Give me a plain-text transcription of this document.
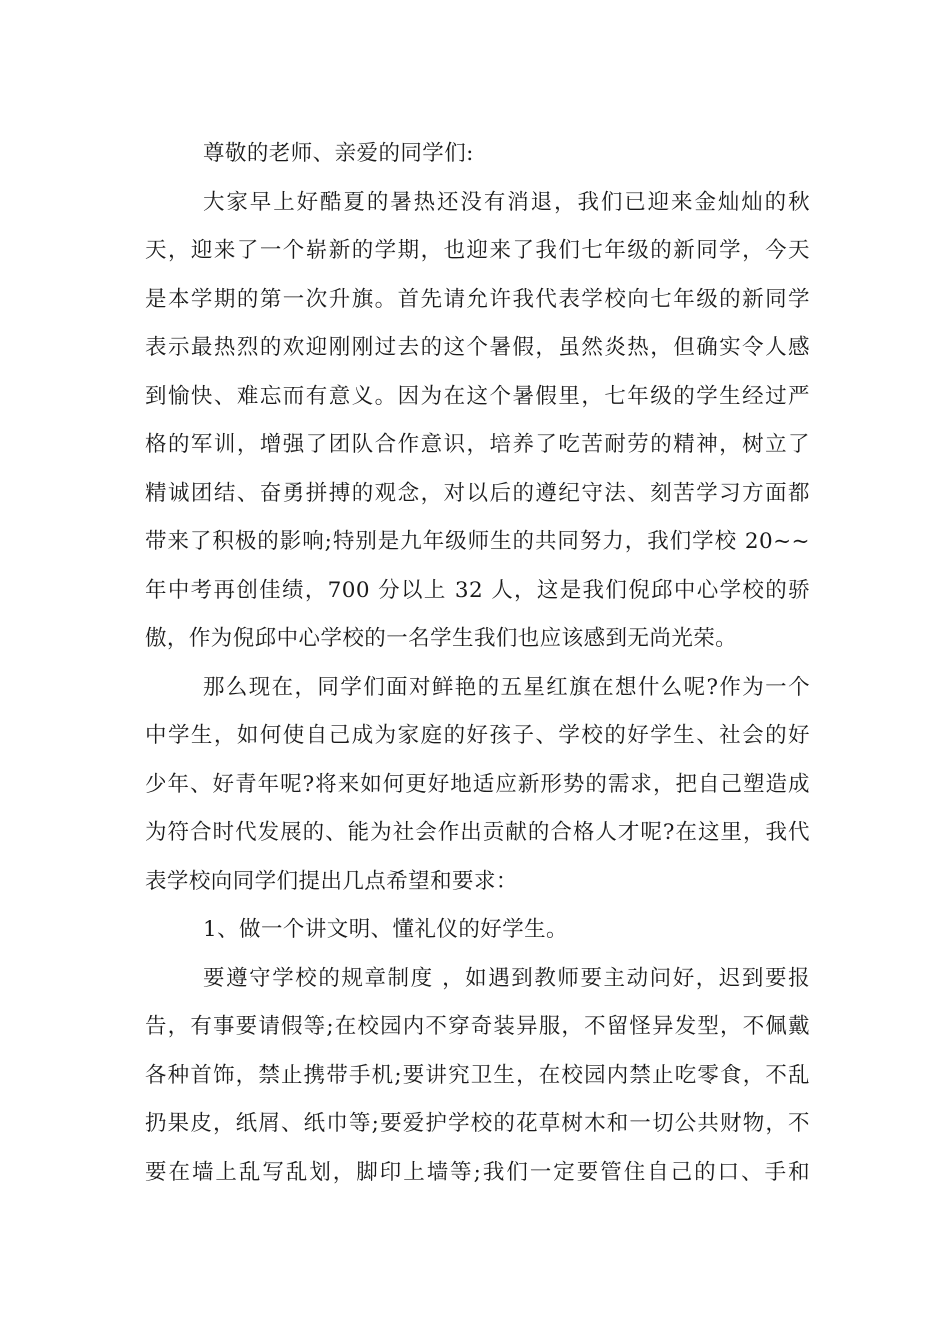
尊敬的老师、亲爱的同学们:
大家早上好酷夏的暑热还没有消退，我们已迎来金灿灿的秋
天，迎来了一个崭新的学期，也迎来了我们七年级的新同学，今天
是本学期的第一次升旗。首先请允许我代表学校向七年级的新同学
表示最热烈的欢迎刚刚过去的这个暑假，虽然炎热，但确实令人感
到愉快、难忘而有意义。因为在这个暑假里，七年级的学生经过严
格的军训，增强了团队合作意识，培养了吃苦耐劳的精神，树立了
精诚团结、奋勇拼搏的观念，对以后的遵纪守法、刻苦学习方面都
带来了积极的影响;特别是九年级师生的共同努力，我们学校 20~~
年中考再创佳绩，700 分以上 32 人，这是我们倪邱中心学校的骄
傲，作为倪邱中心学校的一名学生我们也应该感到无尚光荣。
那么现在，同学们面对鲜艳的五星红旗在想什么呢?作为一个
中学生，如何使自己成为家庭的好孩子、学校的好学生、社会的好
少年、好青年呢?将来如何更好地适应新形势的需求，把自己塑造成
为符合时代发展的、能为社会作出贡献的合格人才呢?在这里，我代
表学校向同学们提出几点希望和要求：
1、做一个讲文明、懂礼仪的好学生。
要遵守学校的规章制度 ，如遇到教师要主动问好，迟到要报
告，有事要请假等;在校园内不穿奇装异服，不留怪异发型，不佩戴
各种首饰，禁止携带手机;要讲究卫生，在校园内禁止吃零食，不乱
扔果皮，纸屑、纸巾等;要爱护学校的花草树木和一切公共财物，不
要在墙上乱写乱划，脚印上墙等;我们一定要管住自己的口、手和
